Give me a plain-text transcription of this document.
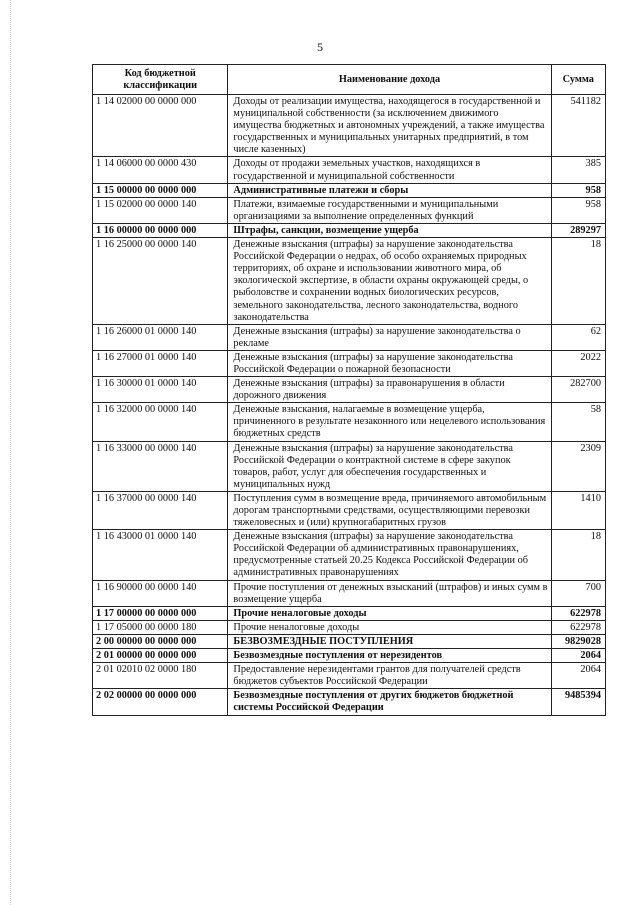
5
Код бюджетной классификации	Наименование дохода	Сумма
1 14 02000 00 0000 000	Доходы от реализации имущества, находящегося в государственной и муниципальной собственности (за исключением движимого имущества бюджетных и автономных учреждений, а также имущества государственных и муниципальных унитарных предприятий, в том числе казенных)	541182
1 14 06000 00 0000 430	Доходы от продажи земельных участков, находящихся в государственной и муниципальной собственности	385
1 15 00000 00 0000 000	Административные платежи и сборы	958
1 15 02000 00 0000 140	Платежи, взимаемые государственными и муниципальными организациями за выполнение определенных функций	958
1 16 00000 00 0000 000	Штрафы, санкции, возмещение ущерба	289297
1 16 25000 00 0000 140	Денежные взыскания (штрафы) за нарушение законодательства Российской Федерации о недрах, об особо охраняемых природных территориях, об охране и использовании животного мира, об экологической экспертизе, в области охраны окружающей среды, о рыболовстве и сохранении водных биологических ресурсов, земельного законодательства, лесного законодательства, водного законодательства	18
1 16 26000 01 0000 140	Денежные взыскания (штрафы) за нарушение законодательства о рекламе	62
1 16 27000 01 0000 140	Денежные взыскания (штрафы) за нарушение законодательства Российской Федерации о пожарной безопасности	2022
1 16 30000 01 0000 140	Денежные взыскания (штрафы) за правонарушения в области дорожного движения	282700
1 16 32000 00 0000 140	Денежные взыскания, налагаемые в возмещение ущерба, причиненного в результате незаконного или нецелевого использования бюджетных средств	58
1 16 33000 00 0000 140	Денежные взыскания (штрафы) за нарушение законодательства Российской Федерации о контрактной системе в сфере закупок товаров, работ, услуг для обеспечения государственных и муниципальных нужд	2309
1 16 37000 00 0000 140	Поступления сумм в возмещение вреда, причиняемого автомобильным дорогам транспортными средствами, осуществляющими перевозки тяжеловесных и (или) крупногабаритных грузов	1410
1 16 43000 01 0000 140	Денежные взыскания (штрафы) за нарушение законодательства Российской Федерации об административных правонарушениях, предусмотренные статьей 20.25 Кодекса Российской Федерации об административных правонарушениях	18
1 16 90000 00 0000 140	Прочие поступления от денежных взысканий (штрафов) и иных сумм в возмещение ущерба	700
1 17 00000 00 0000 000	Прочие неналоговые доходы	622978
1 17 05000 00 0000 180	Прочие неналоговые доходы	622978
2 00 00000 00 0000 000	БЕЗВОЗМЕЗДНЫЕ ПОСТУПЛЕНИЯ	9829028
2 01 00000 00 0000 000	Безвозмездные поступления от нерезидентов	2064
2 01 02010 02 0000 180	Предоставление нерезидентами грантов для получателей средств бюджетов субъектов Российской Федерации	2064
2 02 00000 00 0000 000	Безвозмездные поступления от других бюджетов бюджетной системы Российской Федерации	9485394
